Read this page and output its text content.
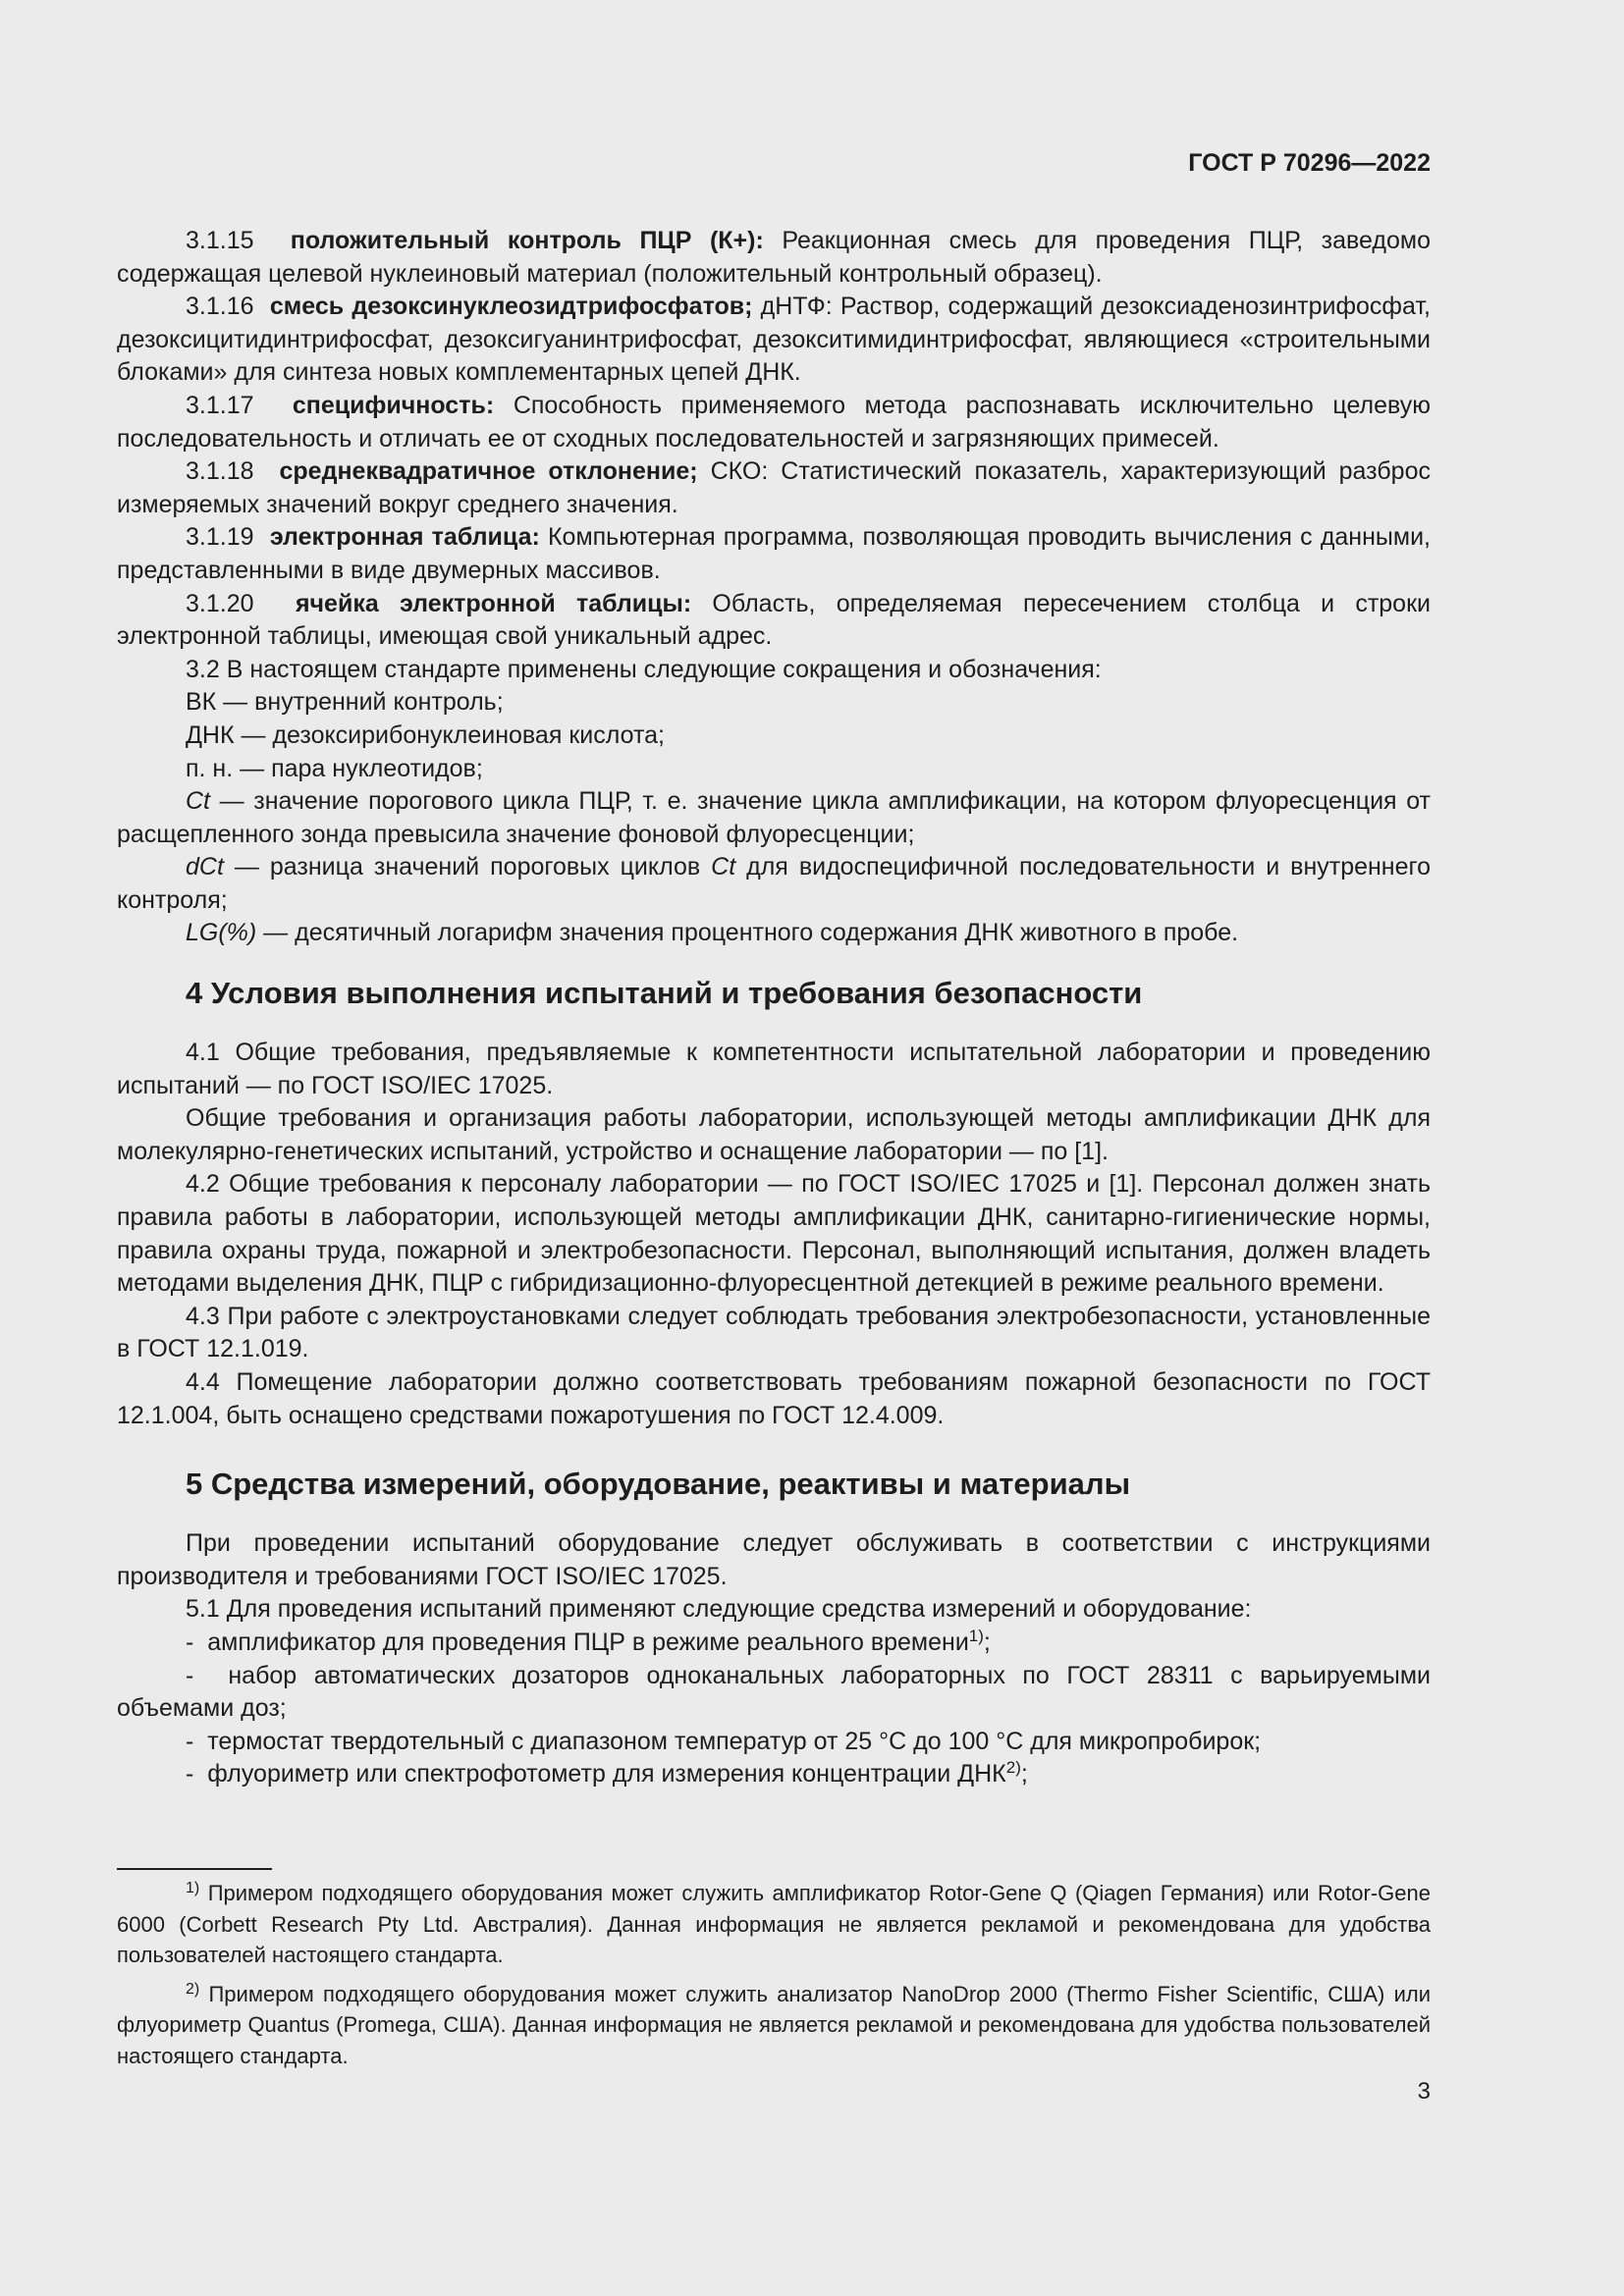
ГОСТ Р 70296—2022

3.1.15 положительный контроль ПЦР (К+): Реакционная смесь для проведения ПЦР, заведомо содержащая целевой нуклеиновый материал (положительный контрольный образец).

3.1.16 смесь дезоксинуклеозидтрифосфатов; дНТФ: Раствор, содержащий дезоксиаденозинтрифосфат, дезоксицитидинтрифосфат, дезоксигуанинтрифосфат, дезокситимидинтрифосфат, являющиеся «строительными блоками» для синтеза новых комплементарных цепей ДНК.

3.1.17 специфичность: Способность применяемого метода распознавать исключительно целевую последовательность и отличать ее от сходных последовательностей и загрязняющих примесей.

3.1.18 среднеквадратичное отклонение; СКО: Статистический показатель, характеризующий разброс измеряемых значений вокруг среднего значения.

3.1.19 электронная таблица: Компьютерная программа, позволяющая проводить вычисления с данными, представленными в виде двумерных массивов.

3.1.20 ячейка электронной таблицы: Область, определяемая пересечением столбца и строки электронной таблицы, имеющая свой уникальный адрес.

3.2 В настоящем стандарте применены следующие сокращения и обозначения:

ВК — внутренний контроль;

ДНК — дезоксирибонуклеиновая кислота;

п. н. — пара нуклеотидов;

Ct — значение порогового цикла ПЦР, т. е. значение цикла амплификации, на котором флуоресценция от расщепленного зонда превысила значение фоновой флуоресценции;

dCt — разница значений пороговых циклов Ct для видоспецифичной последовательности и внутреннего контроля;

LG(%) — десятичный логарифм значения процентного содержания ДНК животного в пробе.

4 Условия выполнения испытаний и требования безопасности

4.1 Общие требования, предъявляемые к компетентности испытательной лаборатории и проведению испытаний — по ГОСТ ISO/IEC 17025.

Общие требования и организация работы лаборатории, использующей методы амплификации ДНК для молекулярно-генетических испытаний, устройство и оснащение лаборатории — по [1].

4.2 Общие требования к персоналу лаборатории — по ГОСТ ISO/IEC 17025 и [1]. Персонал должен знать правила работы в лаборатории, использующей методы амплификации ДНК, санитарно-гигиенические нормы, правила охраны труда, пожарной и электробезопасности. Персонал, выполняющий испытания, должен владеть методами выделения ДНК, ПЦР с гибридизационно-флуоресцентной детекцией в режиме реального времени.

4.3 При работе с электроустановками следует соблюдать требования электробезопасности, установленные в ГОСТ 12.1.019.

4.4 Помещение лаборатории должно соответствовать требованиям пожарной безопасности по ГОСТ 12.1.004, быть оснащено средствами пожаротушения по ГОСТ 12.4.009.

5 Средства измерений, оборудование, реактивы и материалы

При проведении испытаний оборудование следует обслуживать в соответствии с инструкциями производителя и требованиями ГОСТ ISO/IEC 17025.

5.1 Для проведения испытаний применяют следующие средства измерений и оборудование:

- амплификатор для проведения ПЦР в режиме реального времени$^{1)}$;

- набор автоматических дозаторов одноканальных лабораторных по ГОСТ 28311 с варьируемыми объемами доз;

- термостат твердотельный с диапазоном температур от 25 °С до 100 °С для микропробирок;

- флуориметр или спектрофотометр для измерения концентрации ДНК$^{2)}$;

$^{1)}$ Примером подходящего оборудования может служить амплификатор Rotor-Gene Q (Qiagen Германия) или Rotor-Gene 6000 (Corbett Research Pty Ltd. Австралия). Данная информация не является рекламой и рекомендована для удобства пользователей настоящего стандарта.

$^{2)}$ Примером подходящего оборудования может служить анализатор NanoDrop 2000 (Thermo Fisher Scientific, США) или флуориметр Quantus (Promega, США). Данная информация не является рекламой и рекомендована для удобства пользователей настоящего стандарта.

3
